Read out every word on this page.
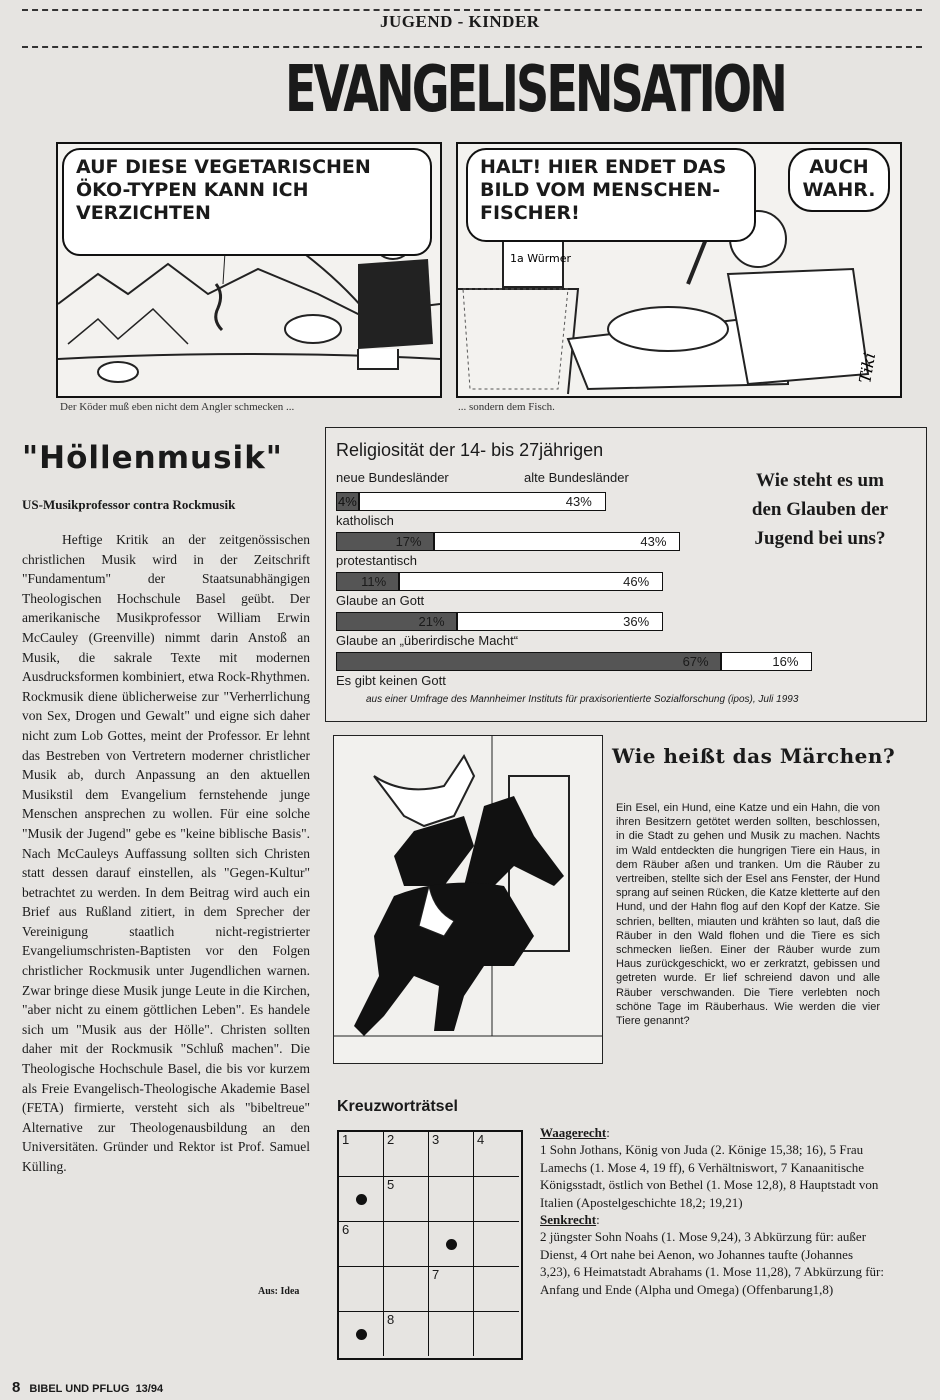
JUGEND - KINDER
EVANGELISENSATION
AUF DIESE VEGETARISCHEN ÖKO-TYPEN KANN ICH VERZICHTEN
1a Würmer
Tiki
HALT! HIER ENDET DAS BILD VOM MENSCHEN-FISCHER!
AUCH WAHR.
Der Köder muß eben nicht dem Angler schmecken ...	... sondern dem Fisch.
"Höllenmusik"
US-Musikprofessor contra Rockmusik
Heftige Kritik an der zeitgenössischen christlichen Musik wird in der Zeitschrift "Fundamentum" der Staatsunabhängigen Theologischen Hochschule Basel geübt. Der amerikanische Musikprofessor William Erwin McCauley (Greenville) nimmt darin Anstoß an Musik, die sakrale Texte mit modernen Ausdrucksformen kombiniert, etwa Rock-Rhythmen. Rockmusik diene üblicherweise zur "Verherrlichung von Sex, Drogen und Gewalt" und eigne sich daher nicht zum Lob Gottes, meint der Professor. Er lehnt das Bestreben von Vertretern moderner christlicher Musik ab, durch Anpassung an den aktuellen Musikstil dem Evangelium fernstehende junge Menschen ansprechen zu wollen. Für eine solche "Musik der Jugend" gebe es "keine biblische Basis". Nach McCauleys Auffassung sollten sich Christen statt dessen darauf einstellen, als "Gegen-Kultur" betrachtet zu werden. In dem Beitrag wird auch ein Brief aus Rußland zitiert, in dem Sprecher der Vereinigung staatlich nicht-registrierter Evangeliumschristen-Baptisten vor den Folgen christlicher Rockmusik unter Jugendlichen warnen. Zwar bringe diese Musik junge Leute in die Kirchen, "aber nicht zu einem göttlichen Leben". Es handele sich um "Musik aus der Hölle". Christen sollten daher mit der Rockmusik "Schluß machen". Die Theologische Hochschule Basel, die bis vor kurzem als Freie Evangelisch-Theologische Akademie Basel (FETA) firmierte, versteht sich als "bibeltreue" Alternative zur Theologenausbildung an den Universitäten. Gründer und Rektor ist Prof. Samuel Külling.
Aus: Idea
Religiosität der 14- bis 27jährigen
neue Bundesländer	alte Bundesländer
4%	43%
katholisch
17%	43%
protestantisch
11%	46%
Glaube an Gott
21%	36%
Glaube an „überirdische Macht“
67%	16%
Es gibt keinen Gott
aus einer Umfrage des Mannheimer Instituts für praxisorientierte Sozialforschung (ipos), Juli 1993
Wie steht es um den Glauben der Jugend bei uns?
Wie heißt das Märchen?
Ein Esel, ein Hund, eine Katze und ein Hahn, die von ihren Besitzern getötet werden sollten, beschlossen, in die Stadt zu gehen und Musik zu machen. Nachts im Wald entdeckten die hungrigen Tiere ein Haus, in dem Räuber aßen und tranken. Um die Räuber zu vertreiben, stellte sich der Esel ans Fenster, der Hund sprang auf seinen Rücken, die Katze kletterte auf den Hund, und der Hahn flog auf den Kopf der Katze. Sie schrien, bellten, miauten und krähten so laut, daß die Räuber in den Wald flohen und die Tiere es sich schmecken ließen. Einer der Räuber wurde zum Haus zurückgeschickt, wo er zerkratzt, gebissen und getreten wurde. Er lief schreiend davon und alle Räuber verschwanden. Die Tiere verlebten noch schöne Tage im Räuberhaus. Wie werden die vier Tiere genannt?
Kreuzworträtsel
1	2	3	4
5
6
7
8
Waagerecht:
1 Sohn Jothans, König von Juda (2. Könige 15,38; 16), 5 Frau Lamechs (1. Mose 4, 19 ff), 6 Verhältniswort, 7 Kanaanitische Königsstadt, östlich von Bethel (1. Mose 12,8), 8 Hauptstadt von Italien (Apostelgeschichte 18,2; 19,21)
Senkrecht:
2 jüngster Sohn Noahs (1. Mose 9,24), 3 Abkürzung für: außer Dienst, 4 Ort nahe bei Aenon, wo Johannes taufte (Johannes 3,23), 6 Heimatstadt Abrahams (1. Mose 11,28), 7 Abkürzung für: Anfang und Ende (Alpha und Omega) (Offenbarung1,8)
8 BIBEL UND PFLUG 13/94
